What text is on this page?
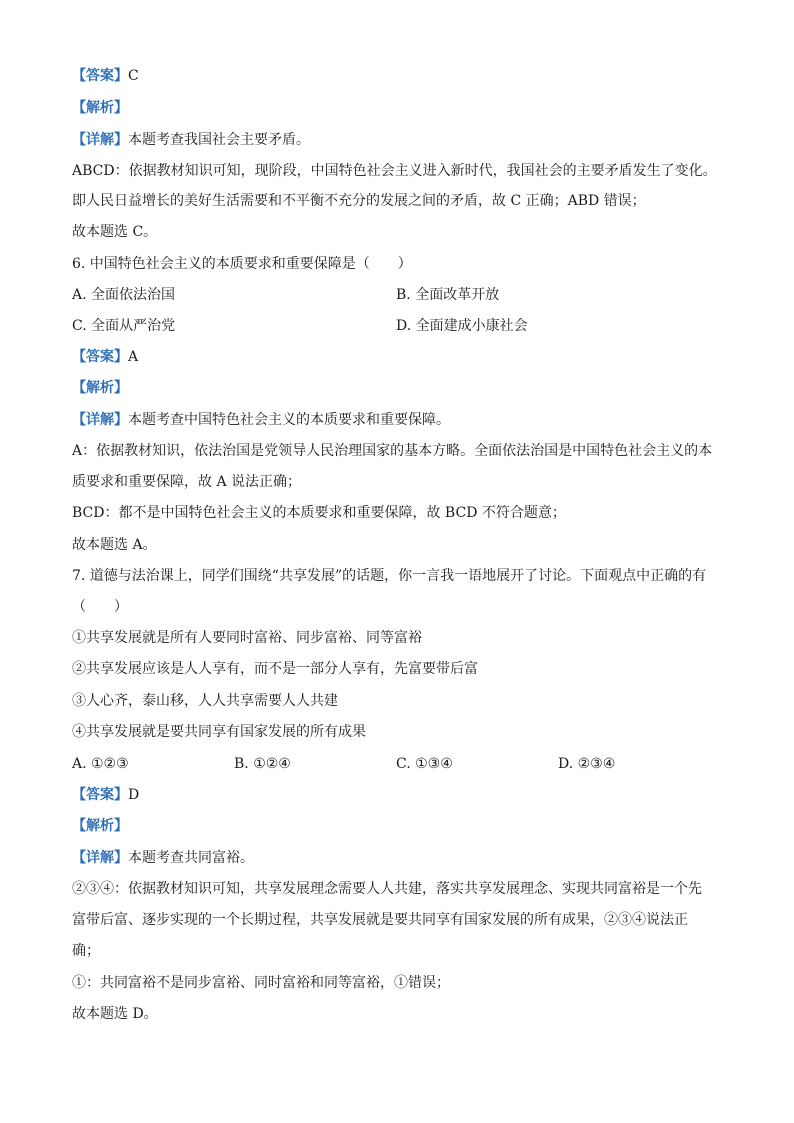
【答案】C
【解析】
【详解】本题考查我国社会主要矛盾。
ABCD：依据教材知识可知，现阶段，中国特色社会主义进入新时代，我国社会的主要矛盾发生了变化。
即人民日益增长的美好生活需要和不平衡不充分的发展之间的矛盾，故 C 正确；ABD 错误；
故本题选 C。
6. 中国特色社会主义的本质要求和重要保障是（　　）
A. 全面依法治国	B. 全面改革开放
C. 全面从严治党	D. 全面建成小康社会
【答案】A
【解析】
【详解】本题考查中国特色社会主义的本质要求和重要保障。
A：依据教材知识，依法治国是党领导人民治理国家的基本方略。全面依法治国是中国特色社会主义的本
质要求和重要保障，故 A 说法正确；
BCD：都不是中国特色社会主义的本质要求和重要保障，故 BCD 不符合题意；
故本题选 A。
7. 道德与法治课上，同学们围绕“共享发展”的话题，你一言我一语地展开了讨论。下面观点中正确的有
（　　）
①共享发展就是所有人要同时富裕、同步富裕、同等富裕
②共享发展应该是人人享有，而不是一部分人享有，先富要带后富
③人心齐，泰山移，人人共享需要人人共建
④共享发展就是要共同享有国家发展的所有成果
A. ①②③	B. ①②④	C. ①③④	D. ②③④
【答案】D
【解析】
【详解】本题考查共同富裕。
②③④：依据教材知识可知，共享发展理念需要人人共建，落实共享发展理念、实现共同富裕是一个先
富带后富、逐步实现的一个长期过程，共享发展就是要共同享有国家发展的所有成果，②③④说法正
确；
①：共同富裕不是同步富裕、同时富裕和同等富裕，①错误；
故本题选 D。
